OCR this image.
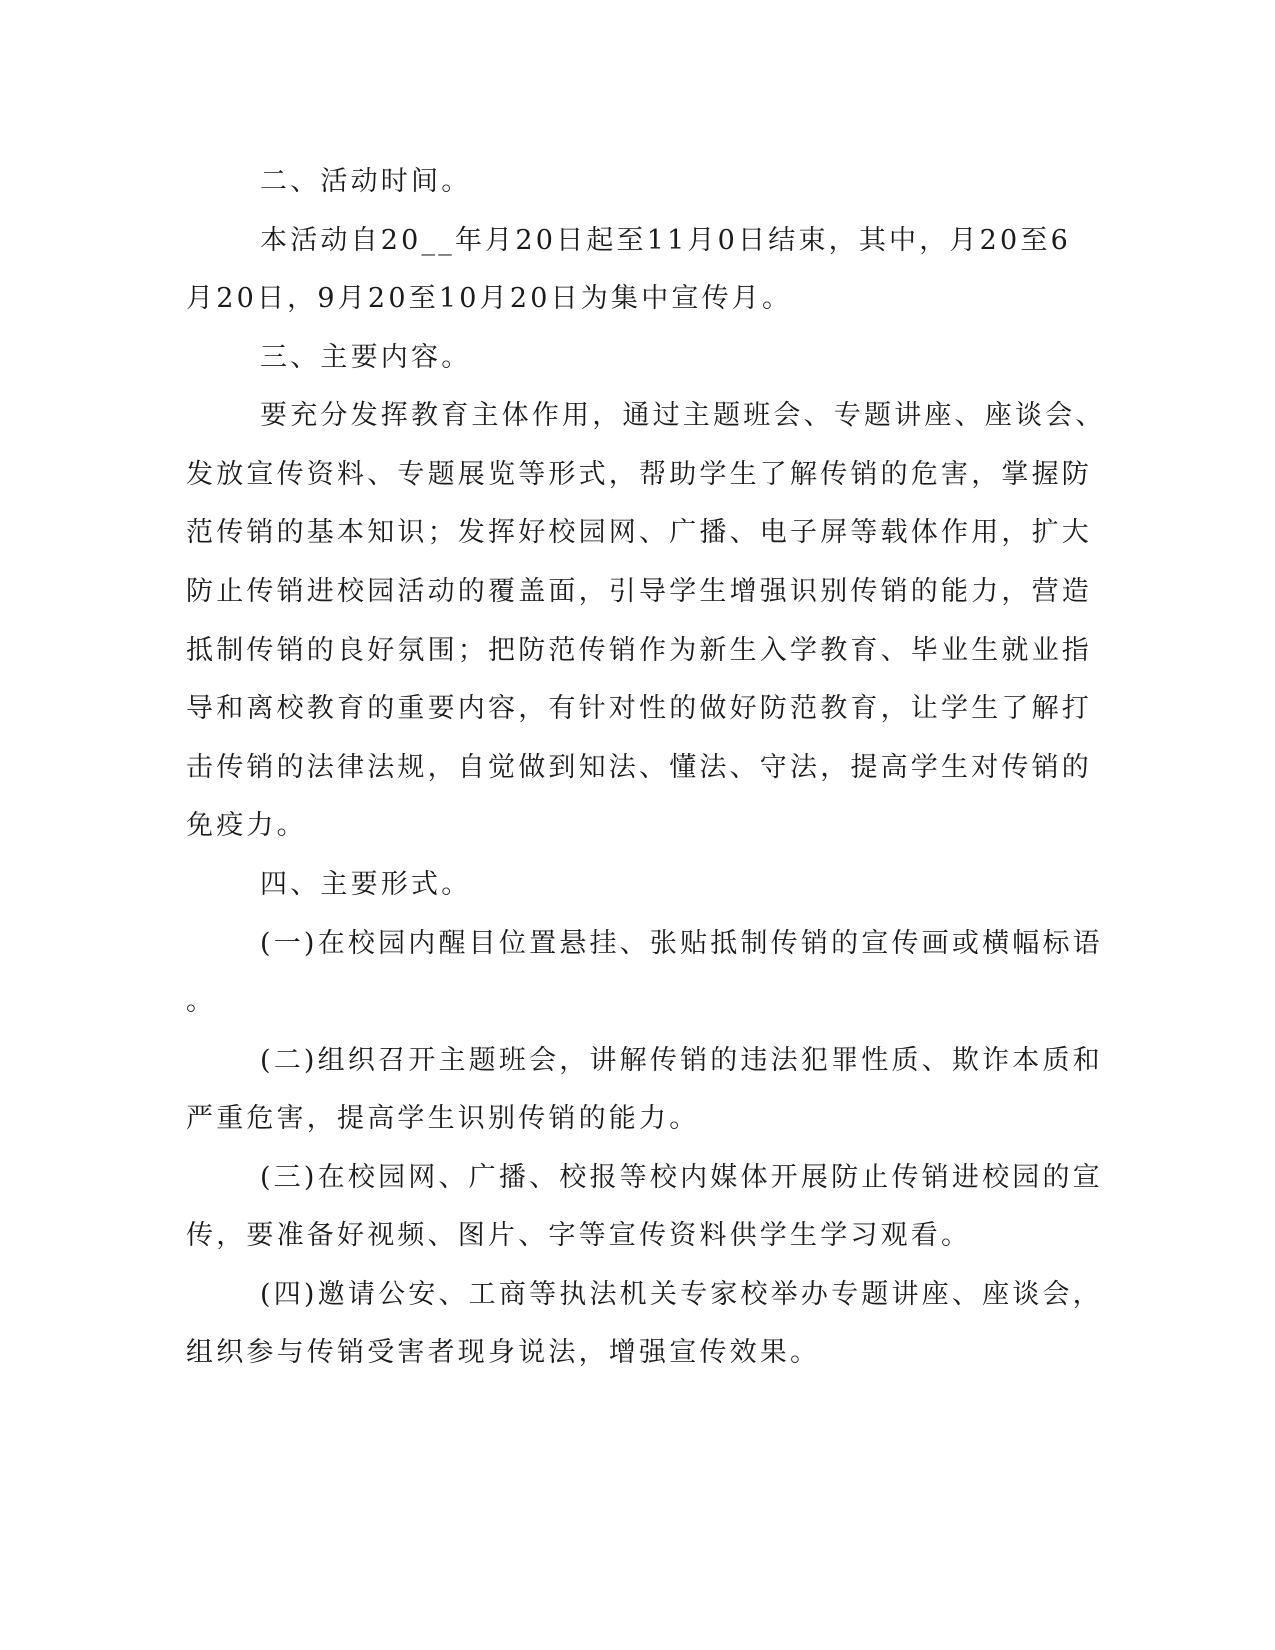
二、活动时间。
本活动自20__年月20日起至11月0日结束，其中，月20至6
月20日，9月20至10月20日为集中宣传月。
三、主要内容。
要充分发挥教育主体作用，通过主题班会、专题讲座、座谈会、
发放宣传资料、专题展览等形式，帮助学生了解传销的危害，掌握防
范传销的基本知识；发挥好校园网、广播、电子屏等载体作用，扩大
防止传销进校园活动的覆盖面，引导学生增强识别传销的能力，营造
抵制传销的良好氛围；把防范传销作为新生入学教育、毕业生就业指
导和离校教育的重要内容，有针对性的做好防范教育，让学生了解打
击传销的法律法规，自觉做到知法、懂法、守法，提高学生对传销的
免疫力。
四、主要形式。
(一)在校园内醒目位置悬挂、张贴抵制传销的宣传画或横幅标语
。
(二)组织召开主题班会，讲解传销的违法犯罪性质、欺诈本质和
严重危害，提高学生识别传销的能力。
(三)在校园网、广播、校报等校内媒体开展防止传销进校园的宣
传，要准备好视频、图片、字等宣传资料供学生学习观看。
(四)邀请公安、工商等执法机关专家校举办专题讲座、座谈会，
组织参与传销受害者现身说法，增强宣传效果。
